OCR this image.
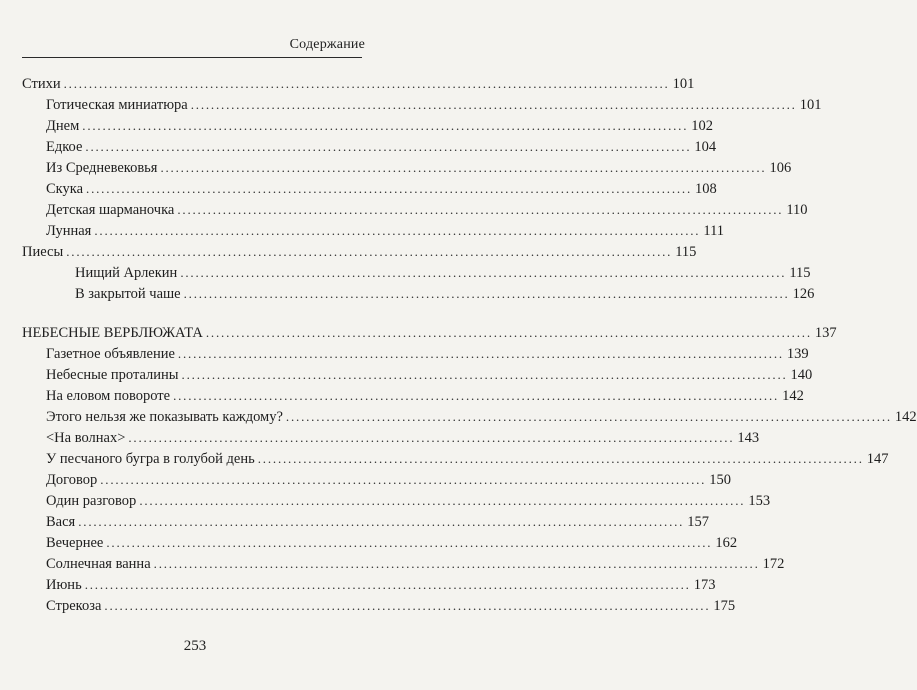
Содержание
Стихи ........................................................................................................................ 101
Готическая миниатюра ........................................................................................................................ 101
Днем ........................................................................................................................ 102
Едкое ........................................................................................................................ 104
Из Средневековья ........................................................................................................................ 106
Скука ........................................................................................................................ 108
Детская шарманочка ........................................................................................................................ 110
Лунная ........................................................................................................................ 111
Пиесы ........................................................................................................................ 115
Нищий Арлекин ........................................................................................................................ 115
В закрытой чаше ........................................................................................................................ 126
НЕБЕСНЫЕ ВЕРБЛЮЖАТА ........................................................................................................................ 137
Газетное объявление ........................................................................................................................ 139
Небесные проталины ........................................................................................................................ 140
На еловом повороте ........................................................................................................................ 142
Этого нельзя же показывать каждому? ........................................................................................................................ 142
<На волнах> ........................................................................................................................ 143
У песчаного бугра в голубой день ........................................................................................................................ 147
Договор ........................................................................................................................ 150
Один разговор ........................................................................................................................ 153
Вася ........................................................................................................................ 157
Вечернее ........................................................................................................................ 162
Солнечная ванна ........................................................................................................................ 172
Июнь ........................................................................................................................ 173
Стрекоза ........................................................................................................................ 175
253
